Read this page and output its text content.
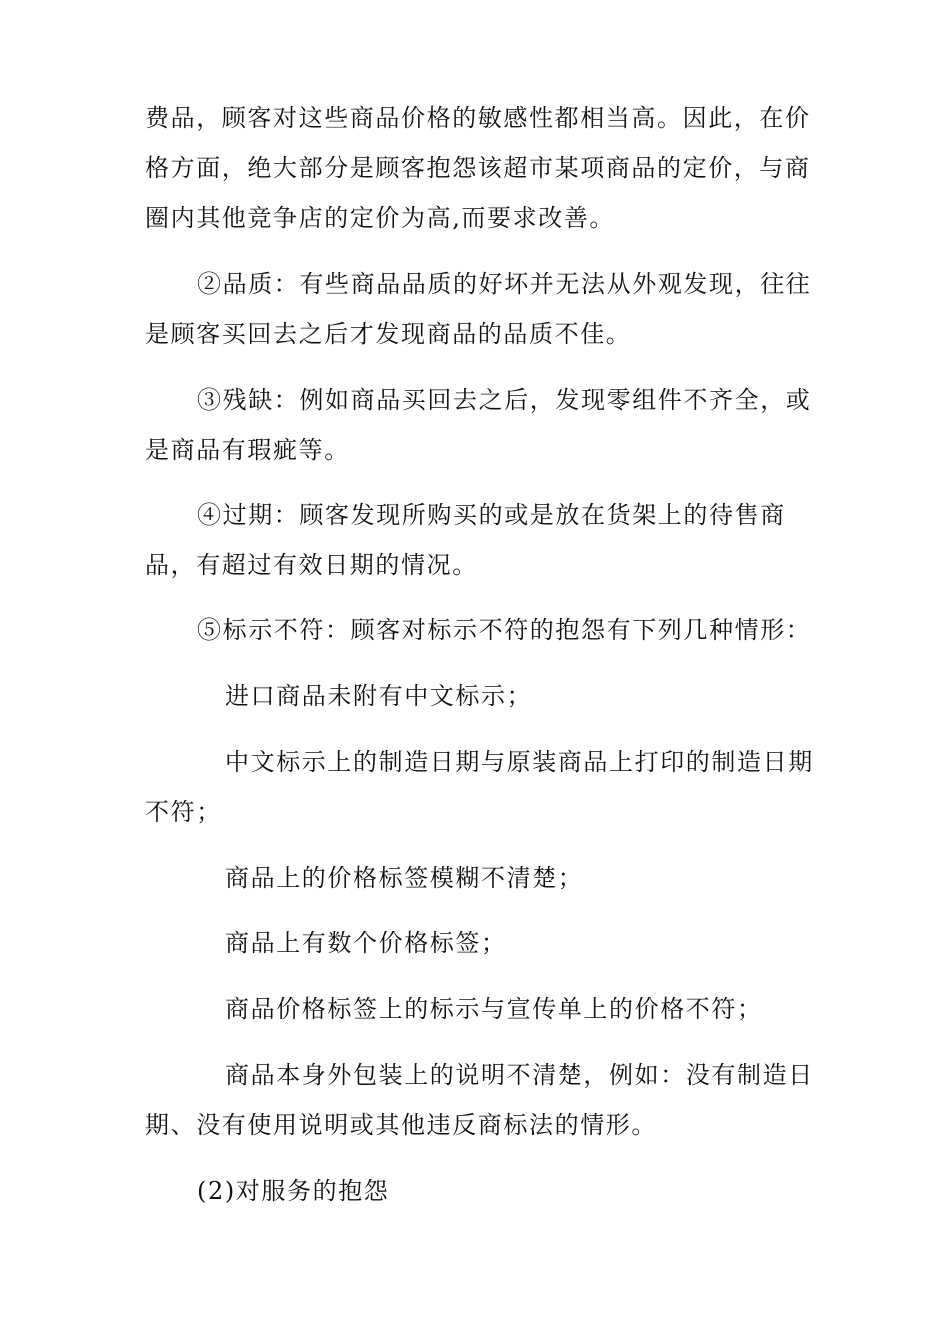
费品，顾客对这些商品价格的敏感性都相当高。因此，在价格方面，绝大部分是顾客抱怨该超市某项商品的定价，与商圈内其他竞争店的定价为高,而要求改善。

②品质：有些商品品质的好坏并无法从外观发现，往往是顾客买回去之后才发现商品的品质不佳。

③残缺：例如商品买回去之后，发现零组件不齐全，或是商品有瑕疵等。

④过期：顾客发现所购买的或是放在货架上的待售商品，有超过有效日期的情况。

⑤标示不符：顾客对标示不符的抱怨有下列几种情形：

进口商品未附有中文标示；

中文标示上的制造日期与原装商品上打印的制造日期不符；

商品上的价格标签模糊不清楚；

商品上有数个价格标签；

商品价格标签上的标示与宣传单上的价格不符；

商品本身外包装上的说明不清楚，例如：没有制造日期、没有使用说明或其他违反商标法的情形。

(2)对服务的抱怨
